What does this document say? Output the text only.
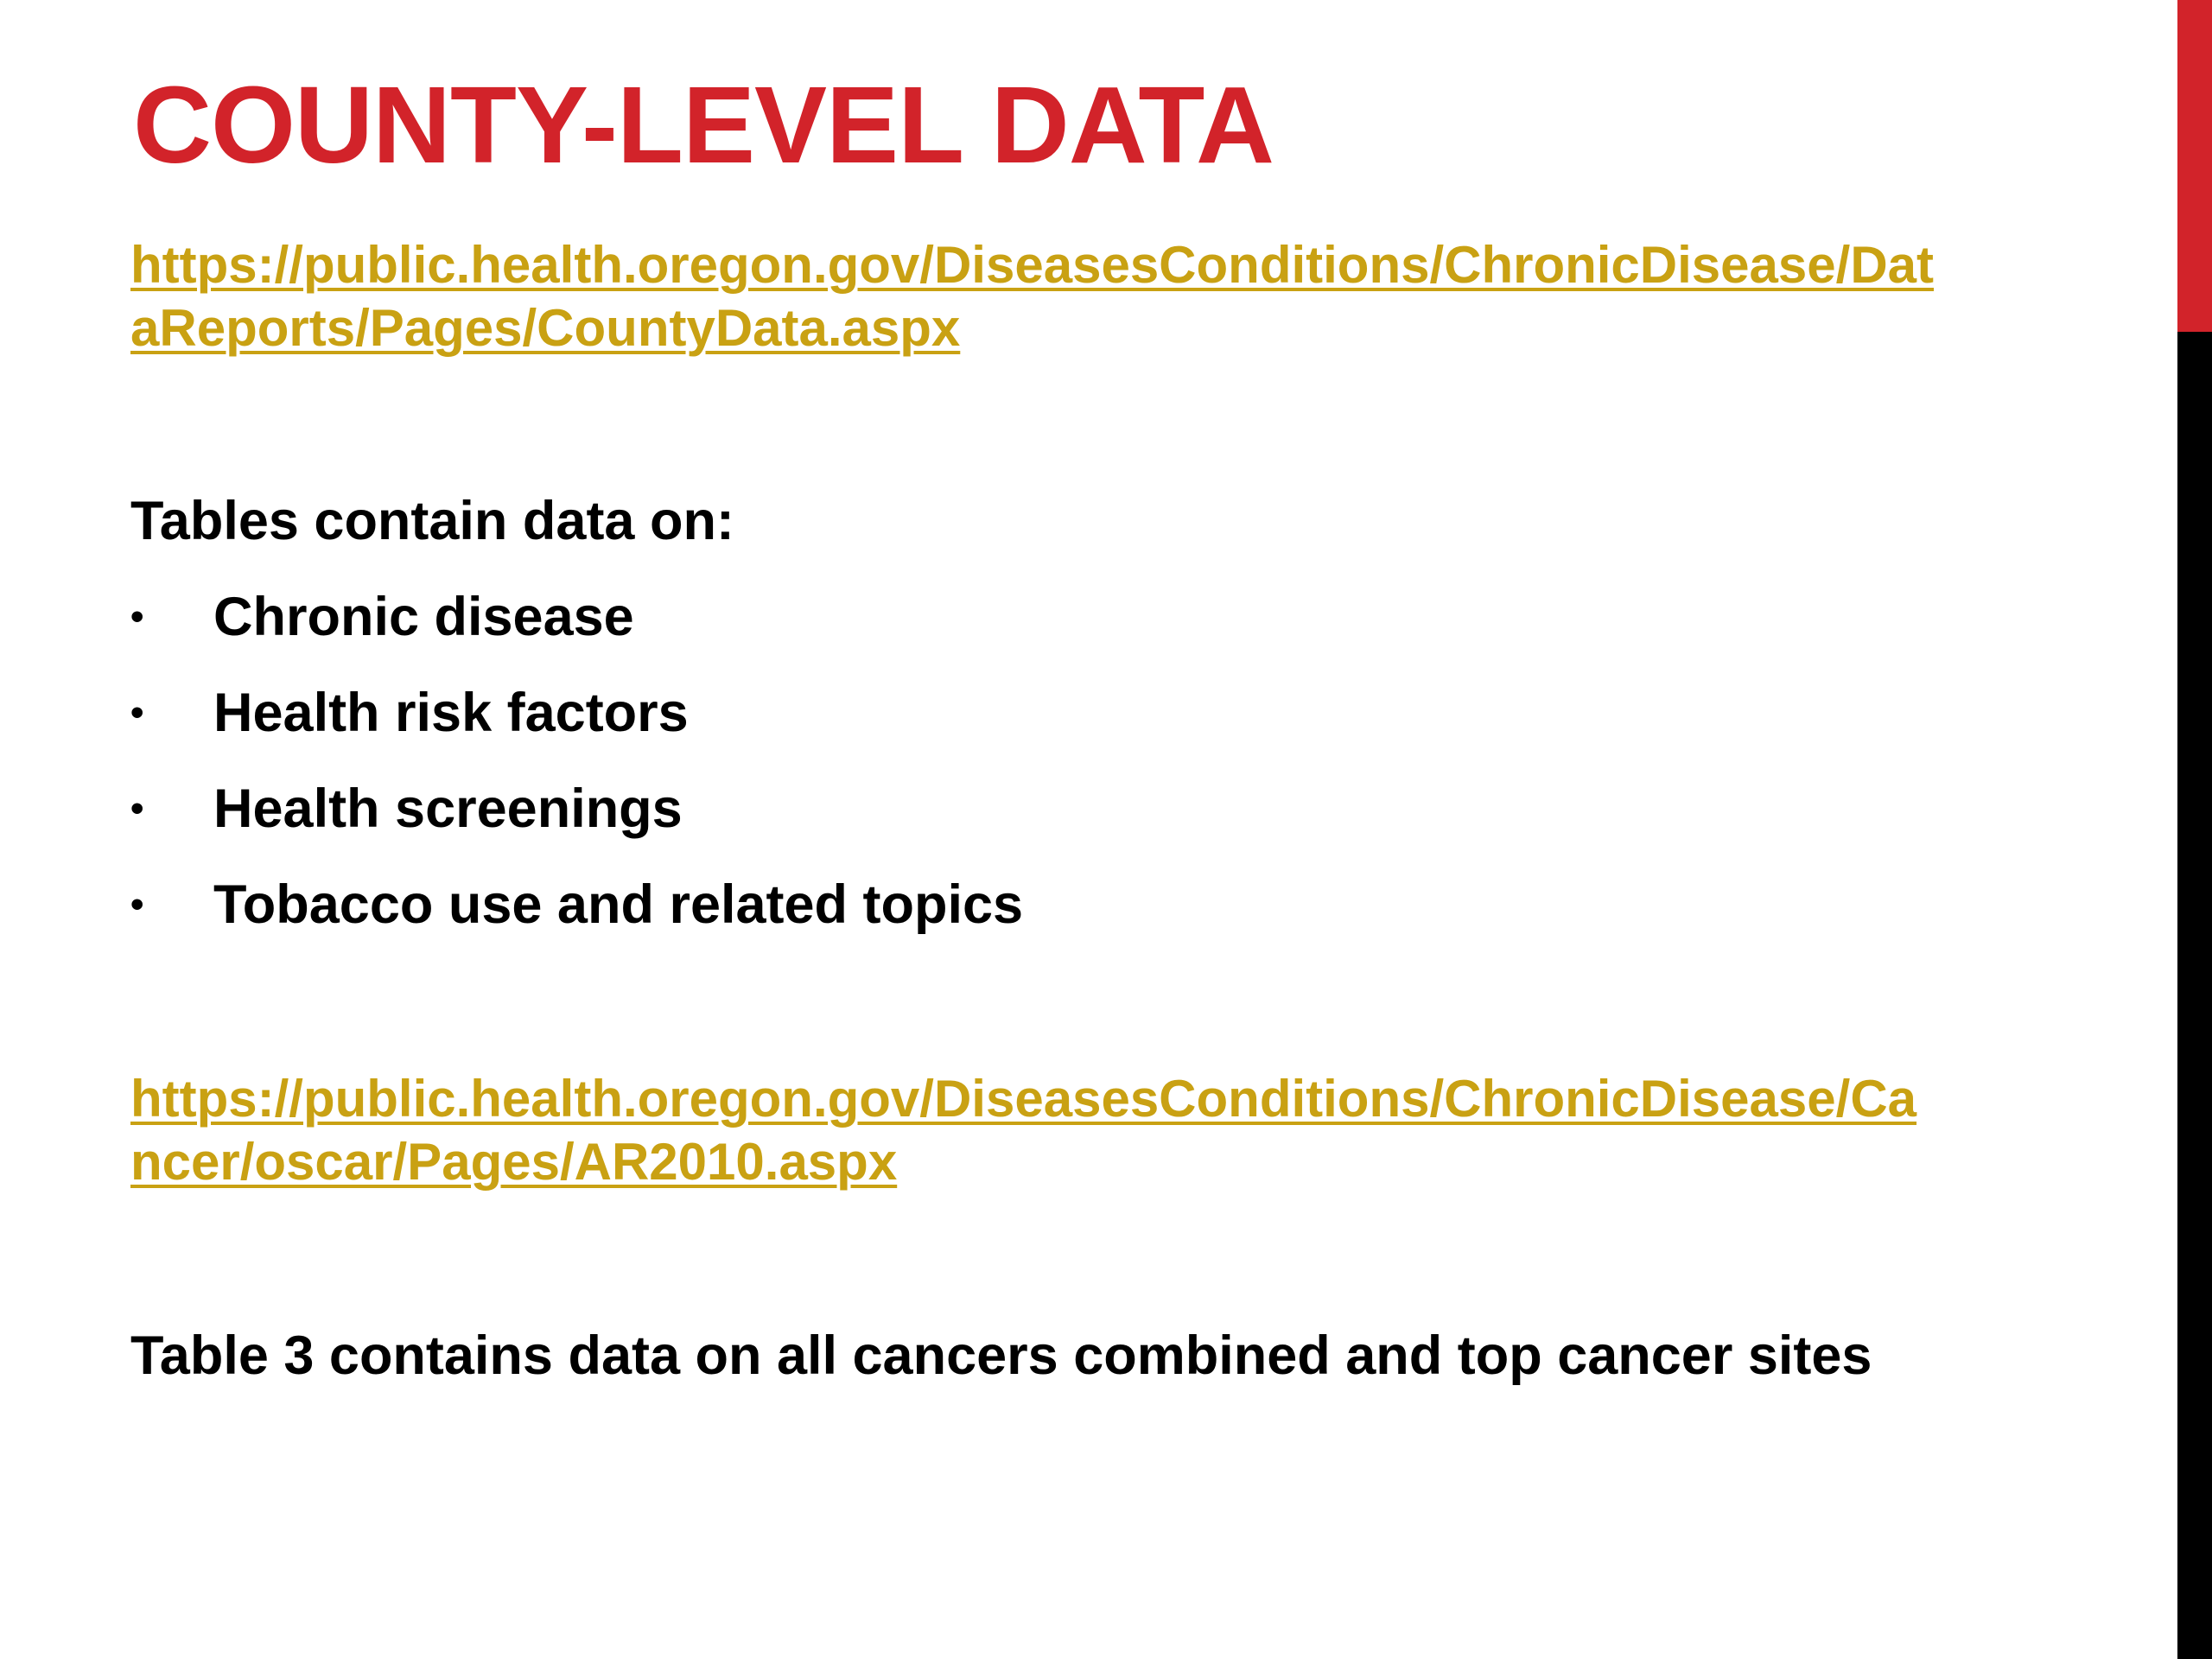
COUNTY-LEVEL DATA
https://public.health.oregon.gov/DiseasesConditions/ChronicDisease/DataReports/Pages/CountyData.aspx

Tables contain data on:

• Chronic disease
• Health risk factors
• Health screenings
• Tobacco use and related topics
https://public.health.oregon.gov/DiseasesConditions/ChronicDisease/Cancer/oscar/Pages/AR2010.aspx

Table 3 contains data on all cancers combined and top cancer sites
